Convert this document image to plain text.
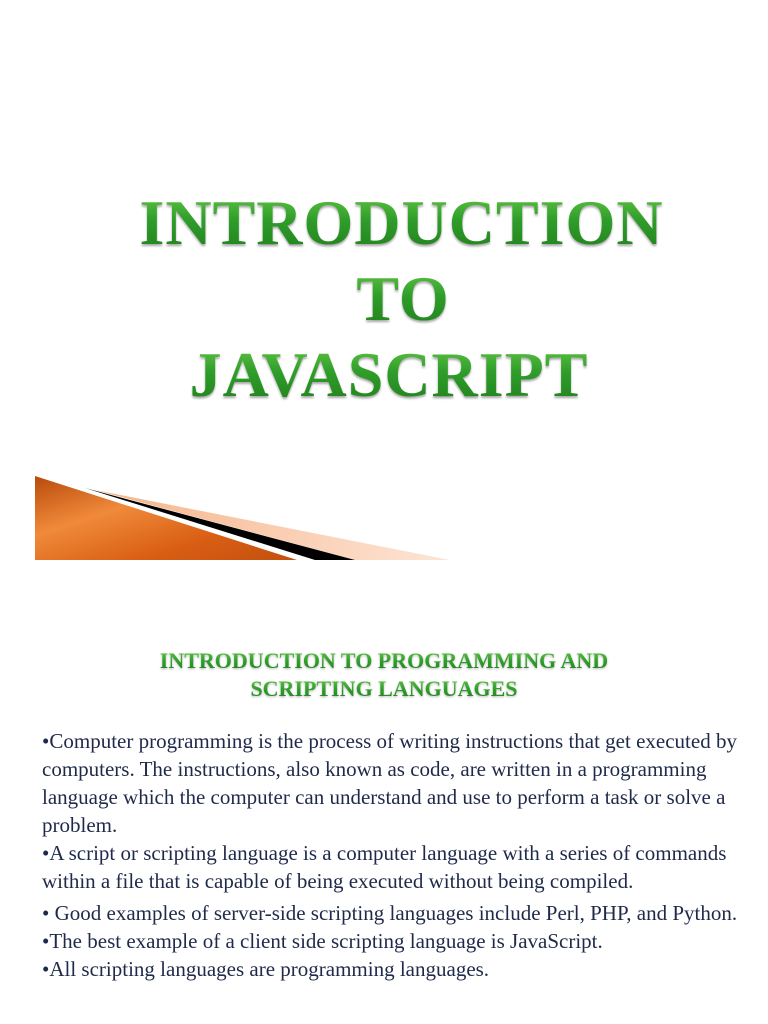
INTRODUCTION
TO
JAVASCRIPT
INTRODUCTION TO PROGRAMMING AND
SCRIPTING LANGUAGES

•Computer programming is the process of writing instructions that get executed by computers. The instructions, also known as code, are written in a programming language which the computer can understand and use to perform a task or solve a problem.

•A script or scripting language is a computer language with a series of commands within a file that is capable of being executed without being compiled.

• Good examples of server-side scripting languages include Perl, PHP, and Python.

•The best example of a client side scripting language is JavaScript.

•All scripting languages are programming languages.
